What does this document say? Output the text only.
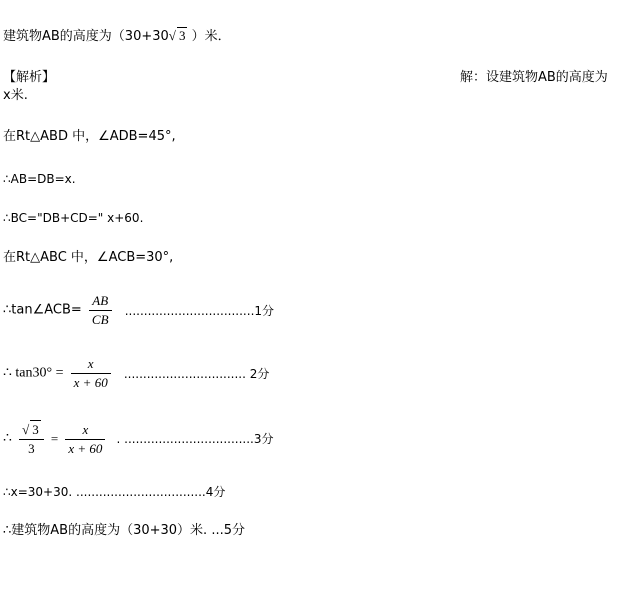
建筑物AB的高度为（30+30√ 3 ）米．
【解析】	解：设建筑物AB的高度为
x米.
在Rt△ABD 中，∠ADB=45°,
∴AB=DB=x.
∴BC="DB+CD=" x+60.
在Rt△ABC 中，∠ACB=30°,
∴tan∠ACB= $\frac{AB}{CB} ..................................1$分
∴ $\tan 30^\circ = \frac{x}{x + 60}$ ................................ 2分
∴ $\frac{√ 3}{3} = \frac{x}{x + 60}$ . ..................................3分
∴x=30+30. ..................................4分
∴建筑物AB的高度为（30+30）米. ...5分
